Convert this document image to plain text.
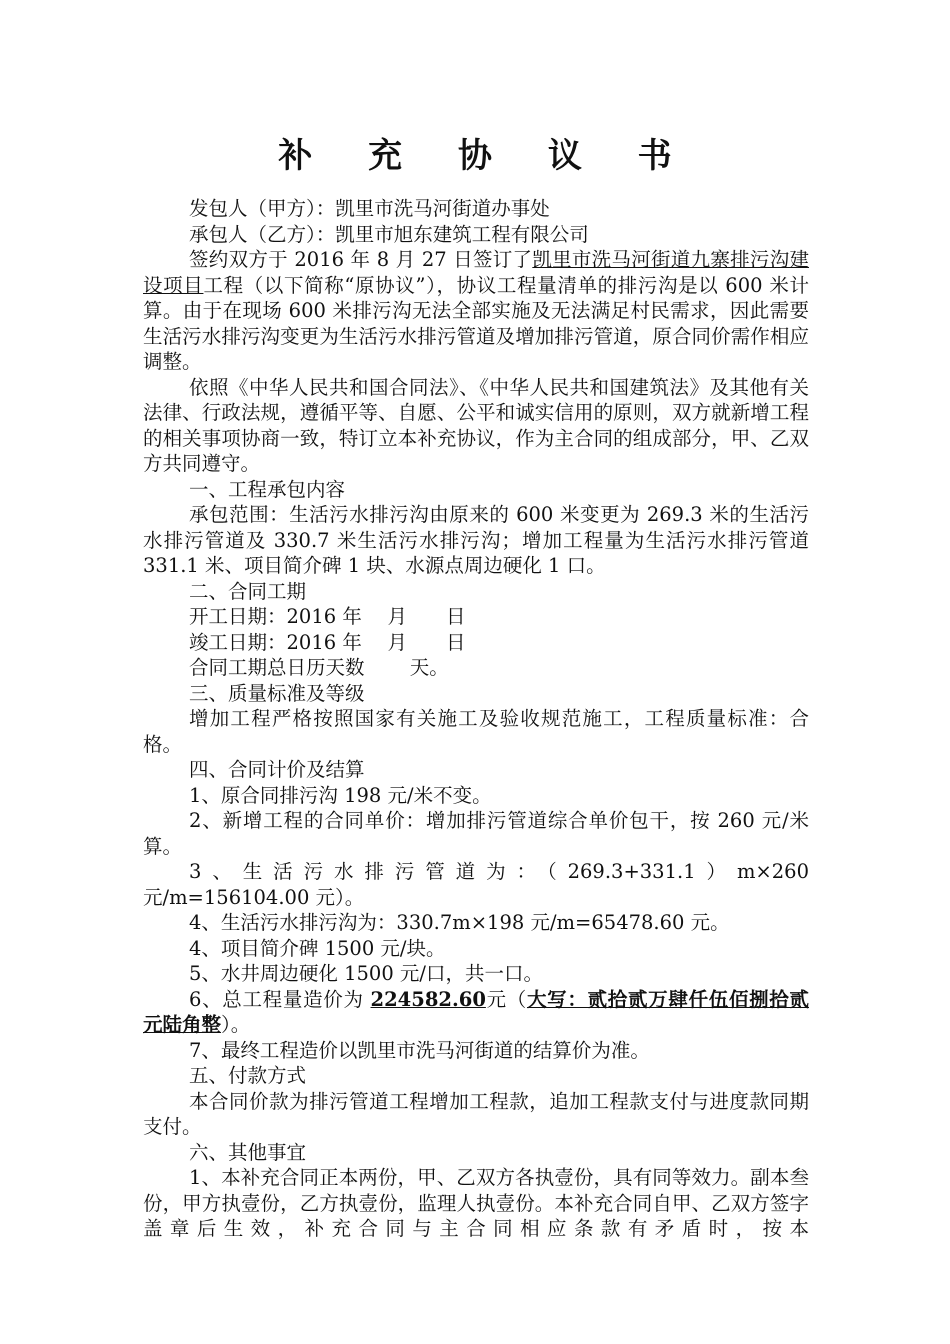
补 充 协 议 书

发包人（甲方）：凯里市洗马河街道办事处

承包人（乙方）：凯里市旭东建筑工程有限公司

签约双方于 2016 年 8 月 27 日签订了凯里市洗马河街道九寨排污沟建设项目工程（以下简称“原协议”），协议工程量清单的排污沟是以 600 米计算。由于在现场 600 米排污沟无法全部实施及无法满足村民需求，因此需要生活污水排污沟变更为生活污水排污管道及增加排污管道，原合同价需作相应调整。

依照《中华人民共和国合同法》、《中华人民共和国建筑法》及其他有关法律、行政法规，遵循平等、自愿、公平和诚实信用的原则，双方就新增工程的相关事项协商一致，特订立本补充协议，作为主合同的组成部分，甲、乙双方共同遵守。

一、工程承包内容

承包范围：生活污水排污沟由原来的 600 米变更为 269.3 米的生活污水排污管道及 330.7 米生活污水排污沟；增加工程量为生活污水排污管道 331.1 米、项目简介碑 1 块、水源点周边硬化 1 口。

二、合同工期

开工日期：2016 年　 月　　日

竣工日期：2016 年　 月　　日

合同工期总日历天数　　 天。

三、质量标准及等级

增加工程严格按照国家有关施工及验收规范施工，工程质量标准：合格。

四、合同计价及结算

1、原合同排污沟 198 元/米不变。

2、新增工程的合同单价：增加排污管道综合单价包干，按 260 元/米算。

3、生活污水排污管道为：（269.3+331.1）m×260 元/m=156104.00 元）。

4、生活污水排污沟为：330.7m×198 元/m=65478.60 元。

4、项目简介碑 1500 元/块。

5、水井周边硬化 1500 元/口，共一口。

6、总工程量造价为 224582.60元（大写：贰拾贰万肆仟伍佰捌拾贰元陆角整）。

7、最终工程造价以凯里市洗马河街道的结算价为准。

五、付款方式

本合同价款为排污管道工程增加工程款，追加工程款支付与进度款同期支付。

六、其他事宜

1、本补充合同正本两份，甲、乙双方各执壹份，具有同等效力。副本叁份，甲方执壹份，乙方执壹份，监理人执壹份。本补充合同自甲、乙双方签字盖章后生效，补充合同与主合同相应条款有矛盾时，按本
